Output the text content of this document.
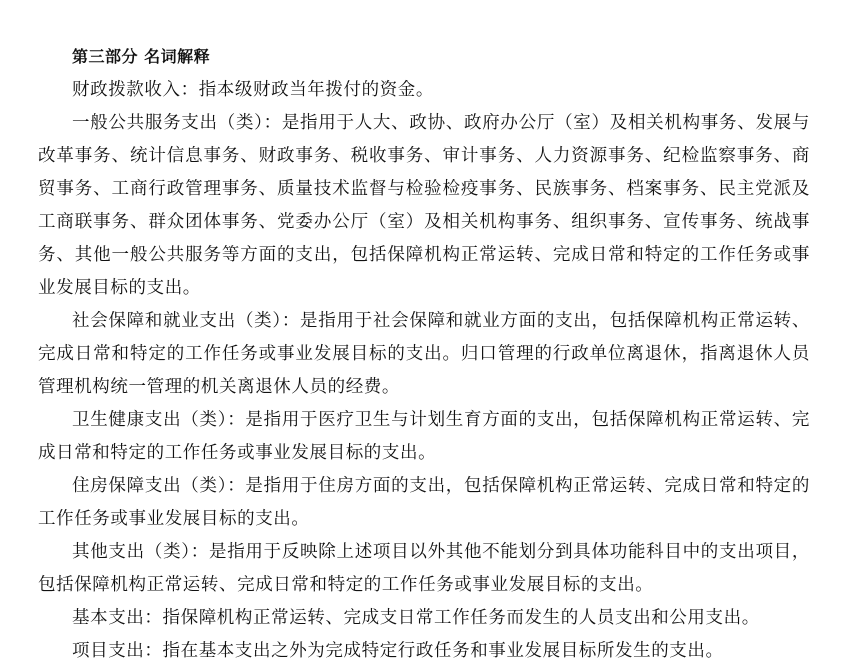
第三部分 名词解释

财政拨款收入：指本级财政当年拨付的资金。

一般公共服务支出（类）：是指用于人大、政协、政府办公厅（室）及相关机构事务、发展与改革事务、统计信息事务、财政事务、税收事务、审计事务、人力资源事务、纪检监察事务、商贸事务、工商行政管理事务、质量技术监督与检验检疫事务、民族事务、档案事务、民主党派及工商联事务、群众团体事务、党委办公厅（室）及相关机构事务、组织事务、宣传事务、统战事务、其他一般公共服务等方面的支出，包括保障机构正常运转、完成日常和特定的工作任务或事业发展目标的支出。

社会保障和就业支出（类）：是指用于社会保障和就业方面的支出，包括保障机构正常运转、完成日常和特定的工作任务或事业发展目标的支出。归口管理的行政单位离退休，指离退休人员管理机构统一管理的机关离退休人员的经费。

卫生健康支出（类）：是指用于医疗卫生与计划生育方面的支出，包括保障机构正常运转、完成日常和特定的工作任务或事业发展目标的支出。

住房保障支出（类）：是指用于住房方面的支出，包括保障机构正常运转、完成日常和特定的工作任务或事业发展目标的支出。

其他支出（类）：是指用于反映除上述项目以外其他不能划分到具体功能科目中的支出项目，包括保障机构正常运转、完成日常和特定的工作任务或事业发展目标的支出。

基本支出：指保障机构正常运转、完成支日常工作任务而发生的人员支出和公用支出。

项目支出：指在基本支出之外为完成特定行政任务和事业发展目标所发生的支出。
